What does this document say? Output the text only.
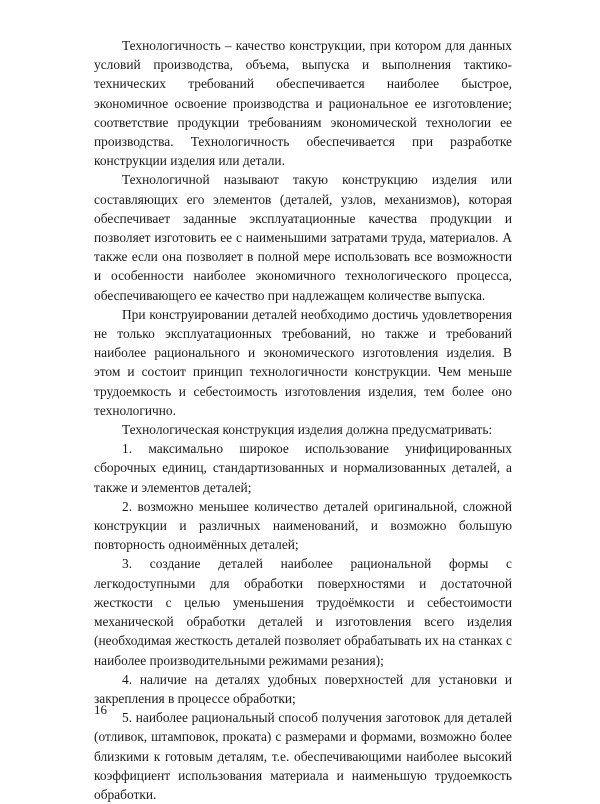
Технологичность – качество конструкции, при котором для данных условий производства, объема, выпуска и выполнения тактико-технических требований обеспечивается наиболее быстрое, экономичное освоение производства и рациональное ее изготовление; соответствие продукции требованиям экономической технологии ее производства. Технологичность обеспечивается при разработке конструкции изделия или детали.

Технологичной называют такую конструкцию изделия или составляющих его элементов (деталей, узлов, механизмов), которая обеспечивает заданные эксплуатационные качества продукции и позволяет изготовить ее с наименьшими затратами труда, материалов. А также если она позволяет в полной мере использовать все возможности и особенности наиболее экономичного технологического процесса, обеспечивающего ее качество при надлежащем количестве выпуска.

При конструировании деталей необходимо достичь удовлетворения не только эксплуатационных требований, но также и требований наиболее рационального и экономического изготовления изделия. В этом и состоит принцип технологичности конструкции. Чем меньше трудоемкость и себестоимость изготовления изделия, тем более оно технологично.

Технологическая конструкция изделия должна предусматривать:

1. максимально широкое использование унифицированных сборочных единиц, стандартизованных и нормализованных деталей, а также и элементов деталей;

2. возможно меньшее количество деталей оригинальной, сложной конструкции и различных наименований, и возможно большую повторность однoимённых деталей;

3. создание деталей наиболее рациональной формы с легкодоступными для обработки поверхностями и достаточной жесткости с целью уменьшения трудоёмкости и себестоимости механической обработки деталей и изготовления всего изделия (необходимая жесткость деталей позволяет обрабатывать их на станках с наиболее производительными режимами резания);

4. наличие на деталях удобных поверхностей для установки и закрепления в процессе обработки;

5. наиболее рациональный способ получения заготовок для деталей (отливок, штамповок, проката) с размерами и формами, возможно более близкими к готовым деталям, т.е. обеспечивающими наиболее высокий коэффициент использования материала и наименьшую трудоемкость обработки.

16
